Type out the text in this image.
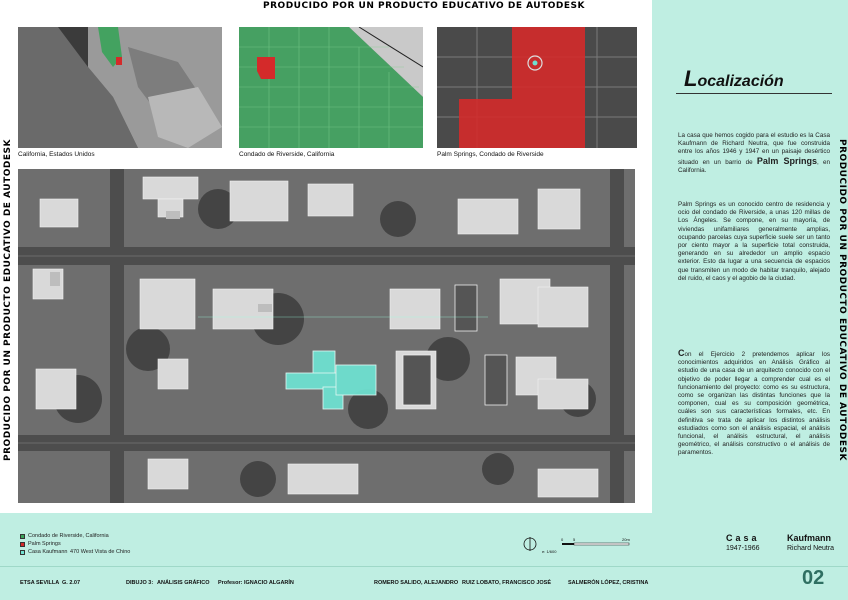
PRODUCIDO POR UN PRODUCTO EDUCATIVO DE AUTODESK
PRODUCIDO POR UN PRODUCTO EDUCATIVO DE AUTODESK	PRODUCIDO POR UN PRODUCTO EDUCATIVO DE AUTODESK
Localización
La casa que hemos cogido para el estudio es la Casa Kaufmann de Richard Neutra, que fue construida entre los años 1946 y 1947 en un paisaje desértico situado en un barrio de Palm Springs, en California.
Palm Springs es un conocido centro de residencia y ocio del condado de Riverside, a unas 120 millas de Los Ángeles. Se compone, en su mayoría, de viviendas unifamiliares generalmente amplias, ocupando parcelas cuya superficie suele ser un tanto por ciento mayor a la superficie total construida, generando en su alrededor un amplio espacio exterior. Esto da lugar a una secuencia de espacios que transmiten un modo de habitar tranquilo, alejado del ruido, el caos y el agobio de la ciudad.
Con el Ejercicio 2 pretendemos aplicar los conocimientos adquiridos en Análisis Gráfico al estudio de una casa de un arquitecto conocido con el objetivo de poder llegar a comprender cual es el funcionamiento del proyecto: como es su estructura, como se organizan las distintas funciones que la componen, cual es su composición geométrica, cuáles son sus características formales, etc. En definitiva se trata de aplicar los distintos análisis estudiados como son el análisis espacial, el análisis funcional, el análisis estructural, el análisis geométrico, el análisis constructivo o el análisis de paramentos.
California, Estados Unidos	Condado de Riverside, California	Palm Springs, Condado de Riverside
Condado de Riverside, California
Palm Springs
Casa Kaufmann 470 West Vista de Chino	e: 1/600
0 5	20m	Casa	Kaufmann
1947-1966	Richard Neutra
ETSA SEVILLA G. 2.07	DIBUJO 3: ANÁLISIS GRÁFICO Profesor: IGNACIO ALGARÍN	ROMERO SALIDO, ALEJANDRO RUIZ LOBATO, FRANCISCO JOSÉ	SALMERÓN LÓPEZ, CRISTINA	02
